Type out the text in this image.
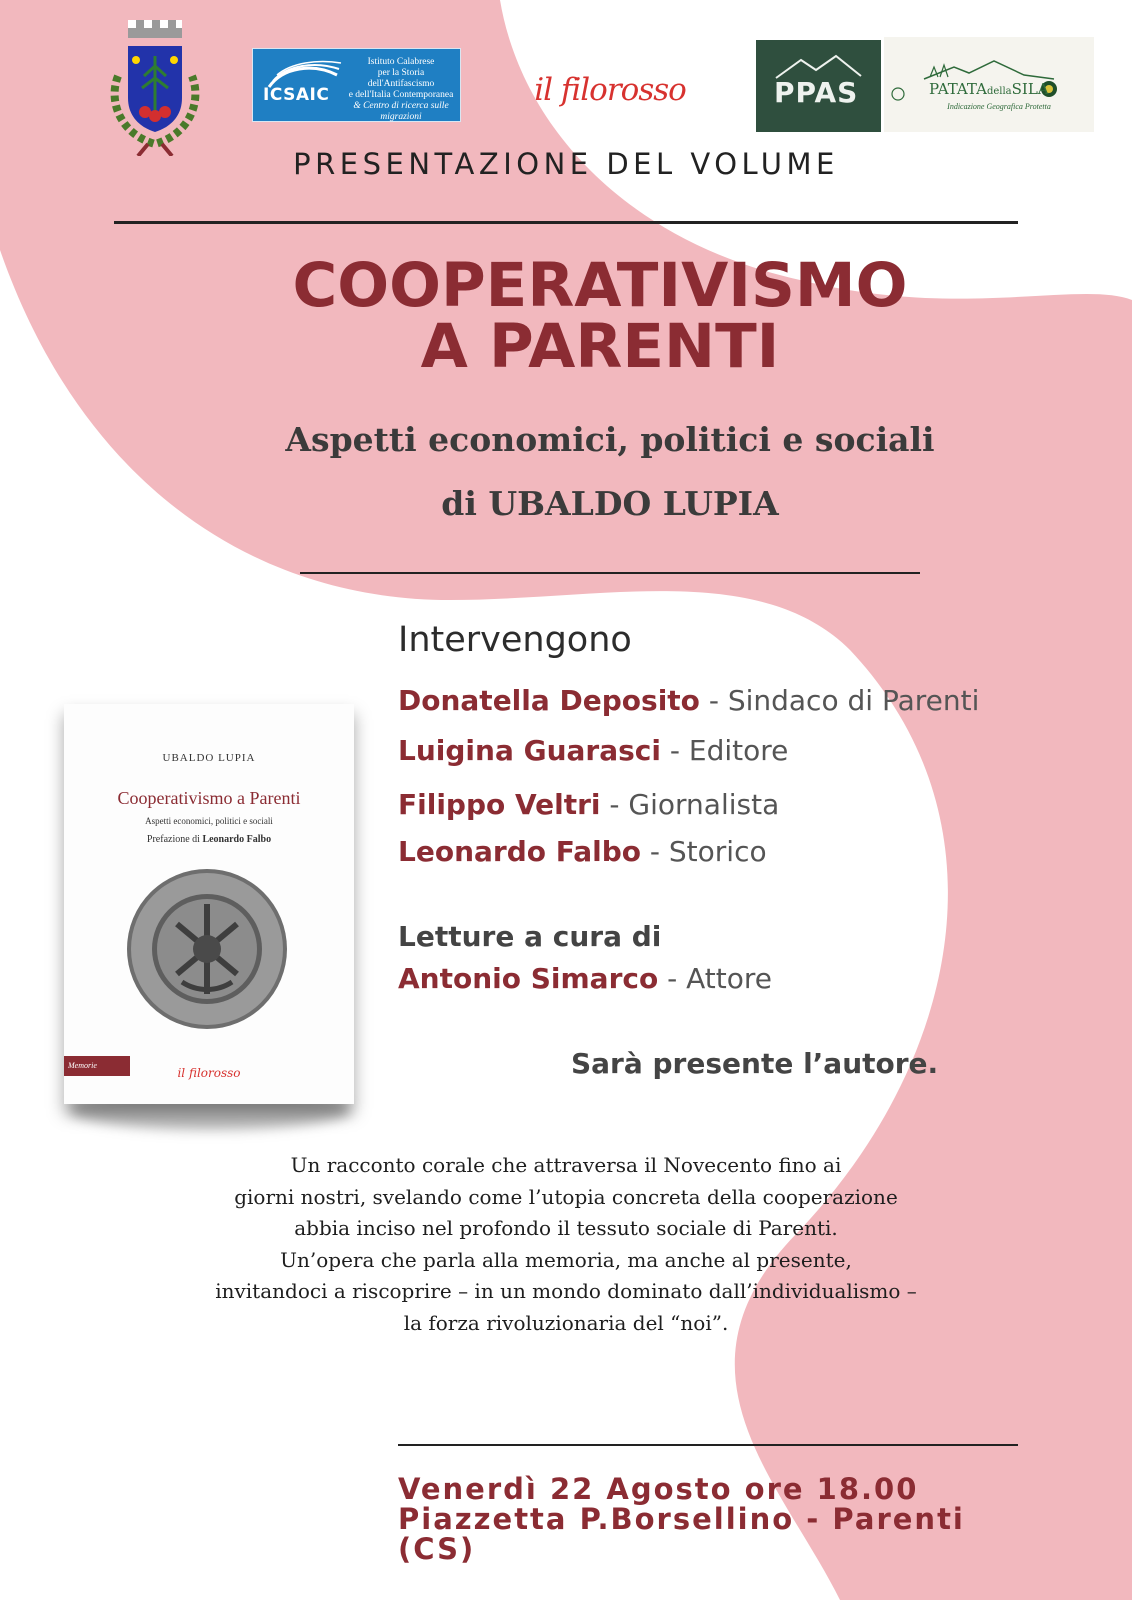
ICSAIC
Istituto Calabrese
per la Storia dell'Antifascismo
e dell'Italia Contemporanea
& Centro di ricerca sulle migrazioni
il filorosso	PPAS	PATATAdellaSILA
Indicazione Geografica Protetta
PRESENTAZIONE DEL VOLUME
COOPERATIVISMO
A PARENTI
Aspetti economici, politici e sociali
di UBALDO LUPIA
UBALDO LUPIA
Cooperativismo a Parenti
Aspetti economici, politici e sociali
Prefazione di Leonardo Falbo
Memorie
il filorosso
Intervengono
Donatella Deposito - Sindaco di Parenti
Luigina Guarasci - Editore
Filippo Veltri - Giornalista
Leonardo Falbo - Storico
Letture a cura di
Antonio Simarco - Attore
Sarà presente l’autore.
Un racconto corale che attraversa il Novecento fino ai
giorni nostri, svelando come l’utopia concreta della cooperazione
abbia inciso nel profondo il tessuto sociale di Parenti.
Un’opera che parla alla memoria, ma anche al presente,
invitandoci a riscoprire – in un mondo dominato dall’individualismo –
la forza rivoluzionaria del “noi”.
Venerdì 22 Agosto ore 18.00
Piazzetta P.Borsellino - Parenti
(CS)
